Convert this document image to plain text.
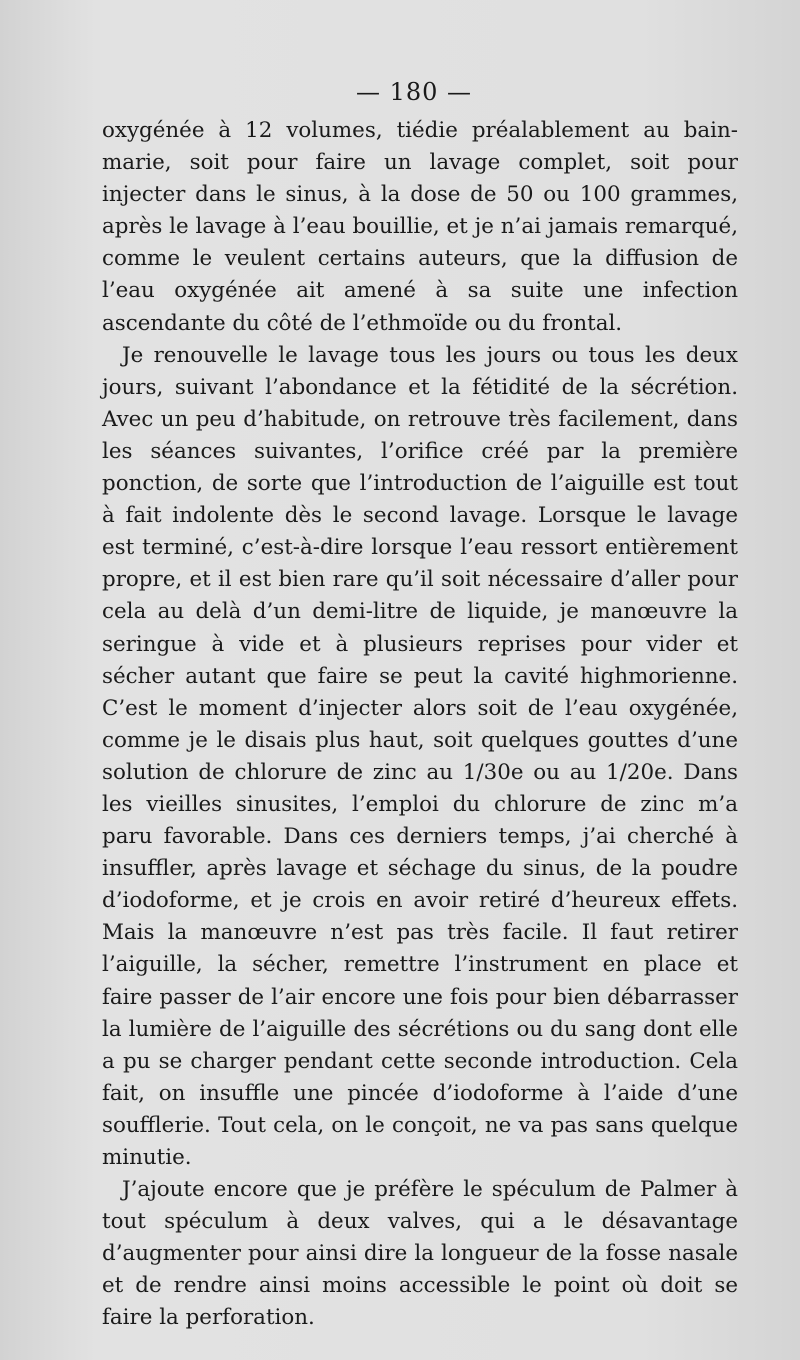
— 180 —

oxygénée à 12 volumes, tiédie préalablement au bain-marie, soit pour faire un lavage complet, soit pour injecter dans le sinus, à la dose de 50 ou 100 grammes, après le lavage à l’eau bouillie, et je n’ai jamais remarqué, comme le veulent certains auteurs, que la diffusion de l’eau oxygénée ait amené à sa suite une infection ascendante du côté de l’ethmoïde ou du frontal.

Je renouvelle le lavage tous les jours ou tous les deux jours, suivant l’abondance et la fétidité de la sécrétion. Avec un peu d’habitude, on retrouve très facilement, dans les séances suivantes, l’orifice créé par la première ponction, de sorte que l’introduction de l’aiguille est tout à fait indolente dès le second lavage. Lorsque le lavage est terminé, c’est-à-dire lorsque l’eau ressort entièrement propre, et il est bien rare qu’il soit nécessaire d’aller pour cela au delà d’un demi-litre de liquide, je manœuvre la seringue à vide et à plusieurs reprises pour vider et sécher autant que faire se peut la cavité highmorienne. C’est le moment d’injecter alors soit de l’eau oxygénée, comme je le disais plus haut, soit quelques gouttes d’une solution de chlorure de zinc au 1/30e ou au 1/20e. Dans les vieilles sinusites, l’emploi du chlorure de zinc m’a paru favorable. Dans ces derniers temps, j’ai cherché à insuffler, après lavage et séchage du sinus, de la poudre d’iodoforme, et je crois en avoir retiré d’heureux effets. Mais la manœuvre n’est pas très facile. Il faut retirer l’aiguille, la sécher, remettre l’instrument en place et faire passer de l’air encore une fois pour bien débarrasser la lumière de l’aiguille des sécrétions ou du sang dont elle a pu se charger pendant cette seconde introduction. Cela fait, on insuffle une pincée d’iodoforme à l’aide d’une soufflerie. Tout cela, on le conçoit, ne va pas sans quelque minutie.

J’ajoute encore que je préfère le spéculum de Palmer à tout spéculum à deux valves, qui a le désavantage d’augmenter pour ainsi dire la longueur de la fosse nasale et de rendre ainsi moins accessible le point où doit se faire la perforation.
